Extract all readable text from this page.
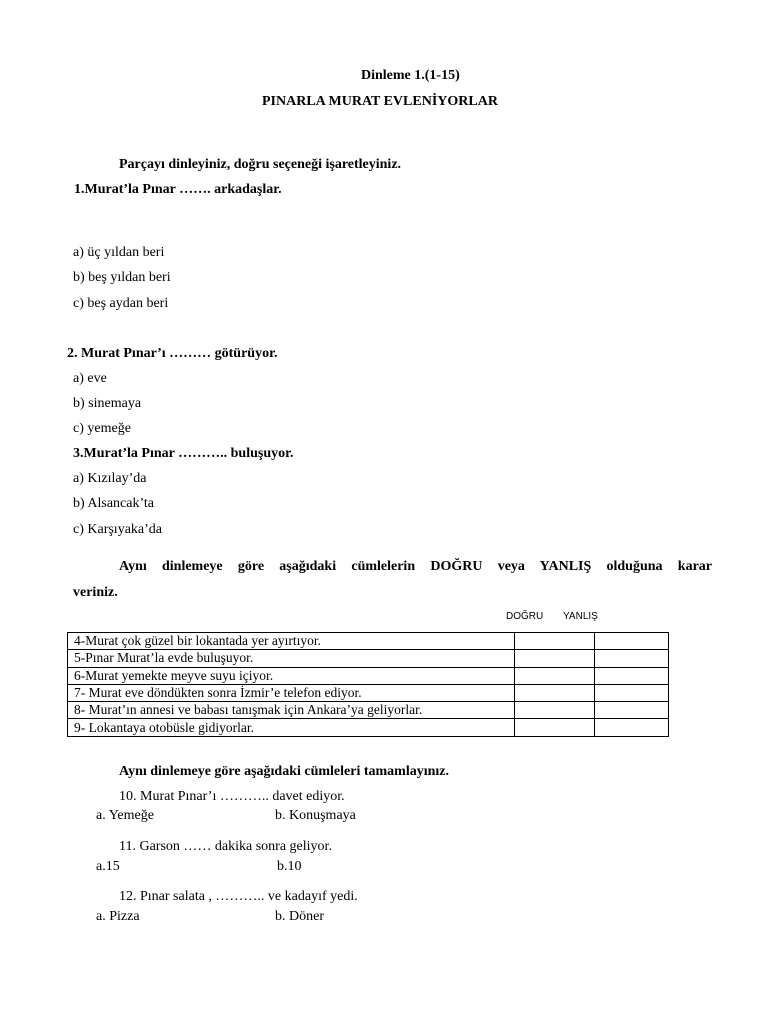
Dinleme 1.(1-15)
PINARLA MURAT EVLENİYORLAR
Parçayı dinleyiniz, doğru seçeneği işaretleyiniz.
1.Murat’la Pınar ……. arkadaşlar.
a) üç yıldan beri
b) beş yıldan beri
c) beş aydan beri
2. Murat Pınar’ı ……… götürüyor.
a) eve
b) sinemaya
c) yemeğe
3.Murat’la Pınar ……….. buluşuyor.
a) Kızılay’da
b) Alsancak’ta
c) Karşıyaka’da
Aynı dinlemeye göre aşağıdaki cümlelerin DOĞRU veya YANLIŞ olduğuna karar
veriniz.
DOĞRU YANLIŞ
4-Murat çok güzel bir lokantada yer ayırtıyor.		
5-Pınar Murat’la evde buluşuyor.		
6-Murat yemekte meyve suyu içiyor.		
7- Murat eve döndükten sonra İzmir’e telefon ediyor.		
8- Murat’ın annesi ve babası tanışmak için Ankara’ya geliyorlar.		
9- Lokantaya otobüsle gidiyorlar.		
Aynı dinlemeye göre aşağıdaki cümleleri tamamlayınız.
10. Murat Pınar’ı ……….. davet ediyor.
a. Yemeğe	b. Konuşmaya
11. Garson …… dakika sonra geliyor.
a.15	b.10
12. Pınar salata , ……….. ve kadayıf yedi.
a. Pizza	b. Döner
